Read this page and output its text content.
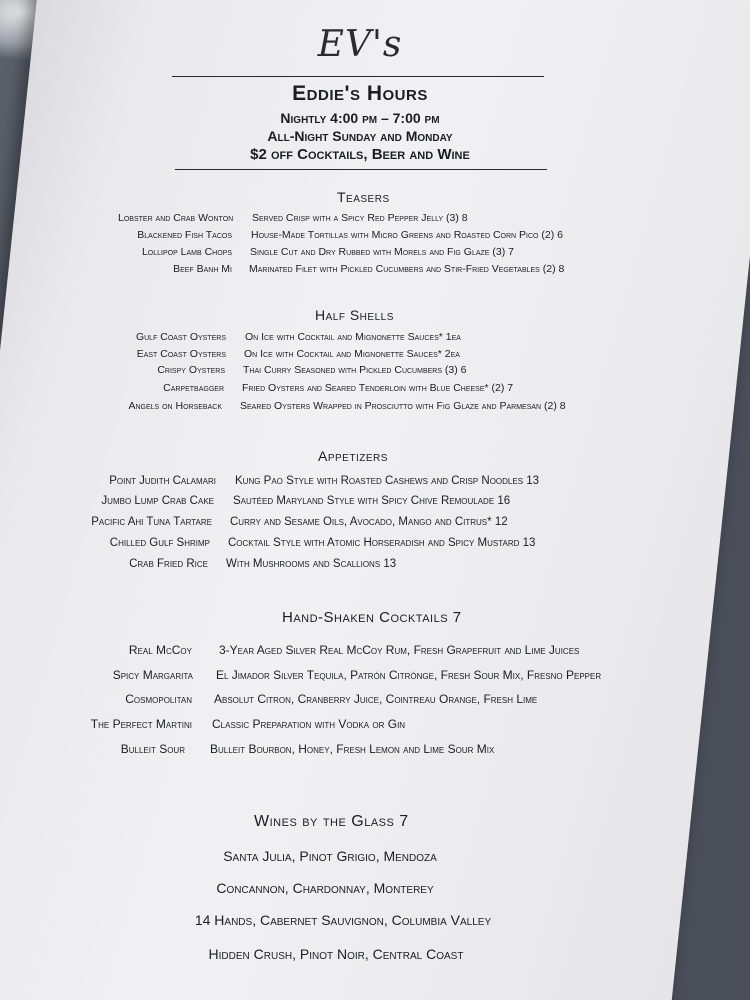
EV's
Eddie's Hours
Nightly 4:00 pm – 7:00 pm
All-Night Sunday and Monday
$2 off Cocktails, Beer and Wine
Teasers
Lobster and Crab Wonton Served Crisp with a Spicy Red Pepper Jelly (3) 8
Blackened Fish Tacos House-Made Tortillas with Micro Greens and Roasted Corn Pico (2) 6
Lollipop Lamb Chops Single Cut and Dry Rubbed with Morels and Fig Glaze (3) 7
Beef Banh Mi Marinated Filet with Pickled Cucumbers and Stir-Fried Vegetables (2) 8
Half Shells
Gulf Coast Oysters On Ice with Cocktail and Mignonette Sauces* 1ea
East Coast Oysters On Ice with Cocktail and Mignonette Sauces* 2ea
Crispy Oysters Thai Curry Seasoned with Pickled Cucumbers (3) 6
Carpetbagger Fried Oysters and Seared Tenderloin with Blue Cheese* (2) 7
Angels on Horseback Seared Oysters Wrapped in Prosciutto with Fig Glaze and Parmesan (2) 8
Appetizers
Point Judith Calamari Kung Pao Style with Roasted Cashews and Crisp Noodles 13
Jumbo Lump Crab Cake Sautéed Maryland Style with Spicy Chive Remoulade 16
Pacific Ahi Tuna Tartare Curry and Sesame Oils, Avocado, Mango and Citrus* 12
Chilled Gulf Shrimp Cocktail Style with Atomic Horseradish and Spicy Mustard 13
Crab Fried Rice With Mushrooms and Scallions 13
Hand-Shaken Cocktails 7
Real McCoy 3-Year Aged Silver Real McCoy Rum, Fresh Grapefruit and Lime Juices
Spicy Margarita El Jimador Silver Tequila, Patrón Citrónge, Fresh Sour Mix, Fresno Pepper
Cosmopolitan Absolut Citron, Cranberry Juice, Cointreau Orange, Fresh Lime
The Perfect Martini Classic Preparation with Vodka or Gin
Bulleit Sour Bulleit Bourbon, Honey, Fresh Lemon and Lime Sour Mix
Wines by the Glass 7
Santa Julia, Pinot Grigio, Mendoza
Concannon, Chardonnay, Monterey
14 Hands, Cabernet Sauvignon, Columbia Valley
Hidden Crush, Pinot Noir, Central Coast
